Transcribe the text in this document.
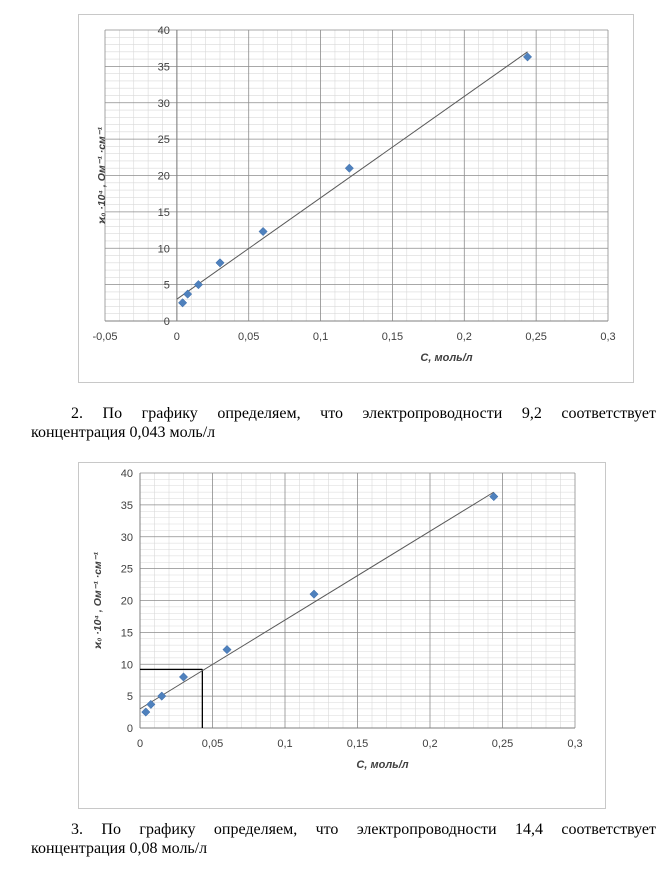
0
5
10
15
20
25
30
35
40
-0,05	0	0,05	0,1	0,15	0,2	0,25	0,3
С, моль/л
ϰ₀ ·10⁴ , Ом⁻¹ ·см⁻¹
2. По графику определяем, что электропроводности 9,2 соответствует
концентрация 0,043 моль/л
0
5
10
15
20
25
30
35
40
0	0,05	0,1	0,15	0,2	0,25	0,3
С, моль/л
ϰ₀ ·10⁴ , Ом⁻¹ ·см⁻¹
3. По графику определяем, что электропроводности 14,4 соответствует
концентрация 0,08 моль/л
